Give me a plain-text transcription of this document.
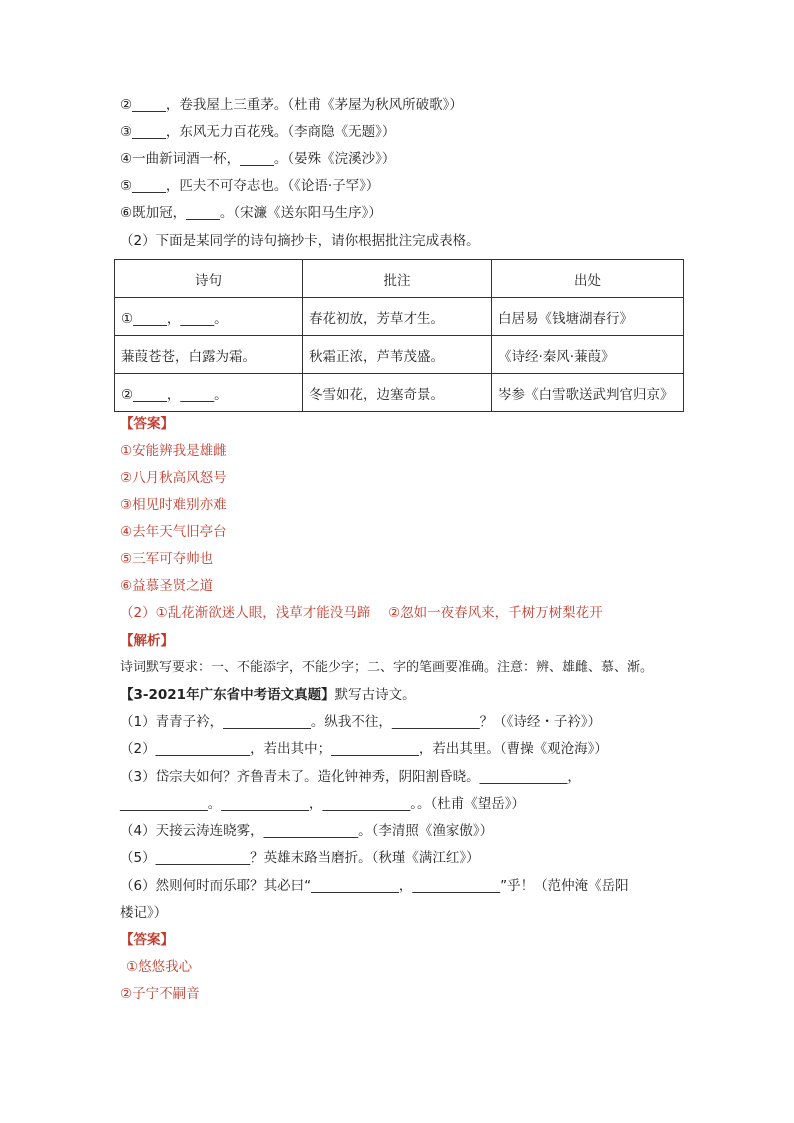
②_____，卷我屋上三重茅。（杜甫《茅屋为秋风所破歌》）
③_____，东风无力百花残。（李商隐《无题》）
④一曲新词酒一杯，_____。（晏殊《浣溪沙》）
⑤_____，匹夫不可夺志也。（《论语·子罕》）
⑥既加冠，_____。（宋濂《送东阳马生序》）
（2）下面是某同学的诗句摘抄卡，请你根据批注完成表格。
诗句	批注	出处
①_____，_____。	春花初放，芳草才生。	白居易《钱塘湖春行》
蒹葭苍苍，白露为霜。	秋霜正浓，芦苇茂盛。	《诗经·秦风·蒹葭》
②_____，_____。	冬雪如花，边塞奇景。	岑参《白雪歌送武判官归京》
【答案】
①安能辨我是雄雌
②八月秋高风怒号
③相见时难别亦难
④去年天气旧亭台
⑤三军可夺帅也
⑥益慕圣贤之道
（2）①乱花渐欲迷人眼，浅草才能没马蹄　 ②忽如一夜春风来，千树万树梨花开
【解析】
诗词默写要求：一、不能添字，不能少字；二、字的笔画要准确。注意：辨、雄雌、慕、渐。
【3-2021年广东省中考语文真题】默写古诗文。
（1）青青子衿，_____________。纵我不往，_____________？（《诗经・子衿》）
（2）______________，若出其中；_____________，若出其里。（曹操《观沧海》）
（3）岱宗夫如何？齐鲁青未了。造化钟神秀，阴阳割昏晓。_____________，
_____________。_____________，_____________。。（杜甫《望岳》）
（4）天接云涛连晓雾，______________。（李清照《渔家傲》）
（5）______________？英雄末路当磨折。（秋瑾《满江红》）
（6）然则何时而乐耶？其必曰“_____________，_____________”乎！（范仲淹《岳阳
楼记》）
【答案】
①悠悠我心
②子宁不嗣音
